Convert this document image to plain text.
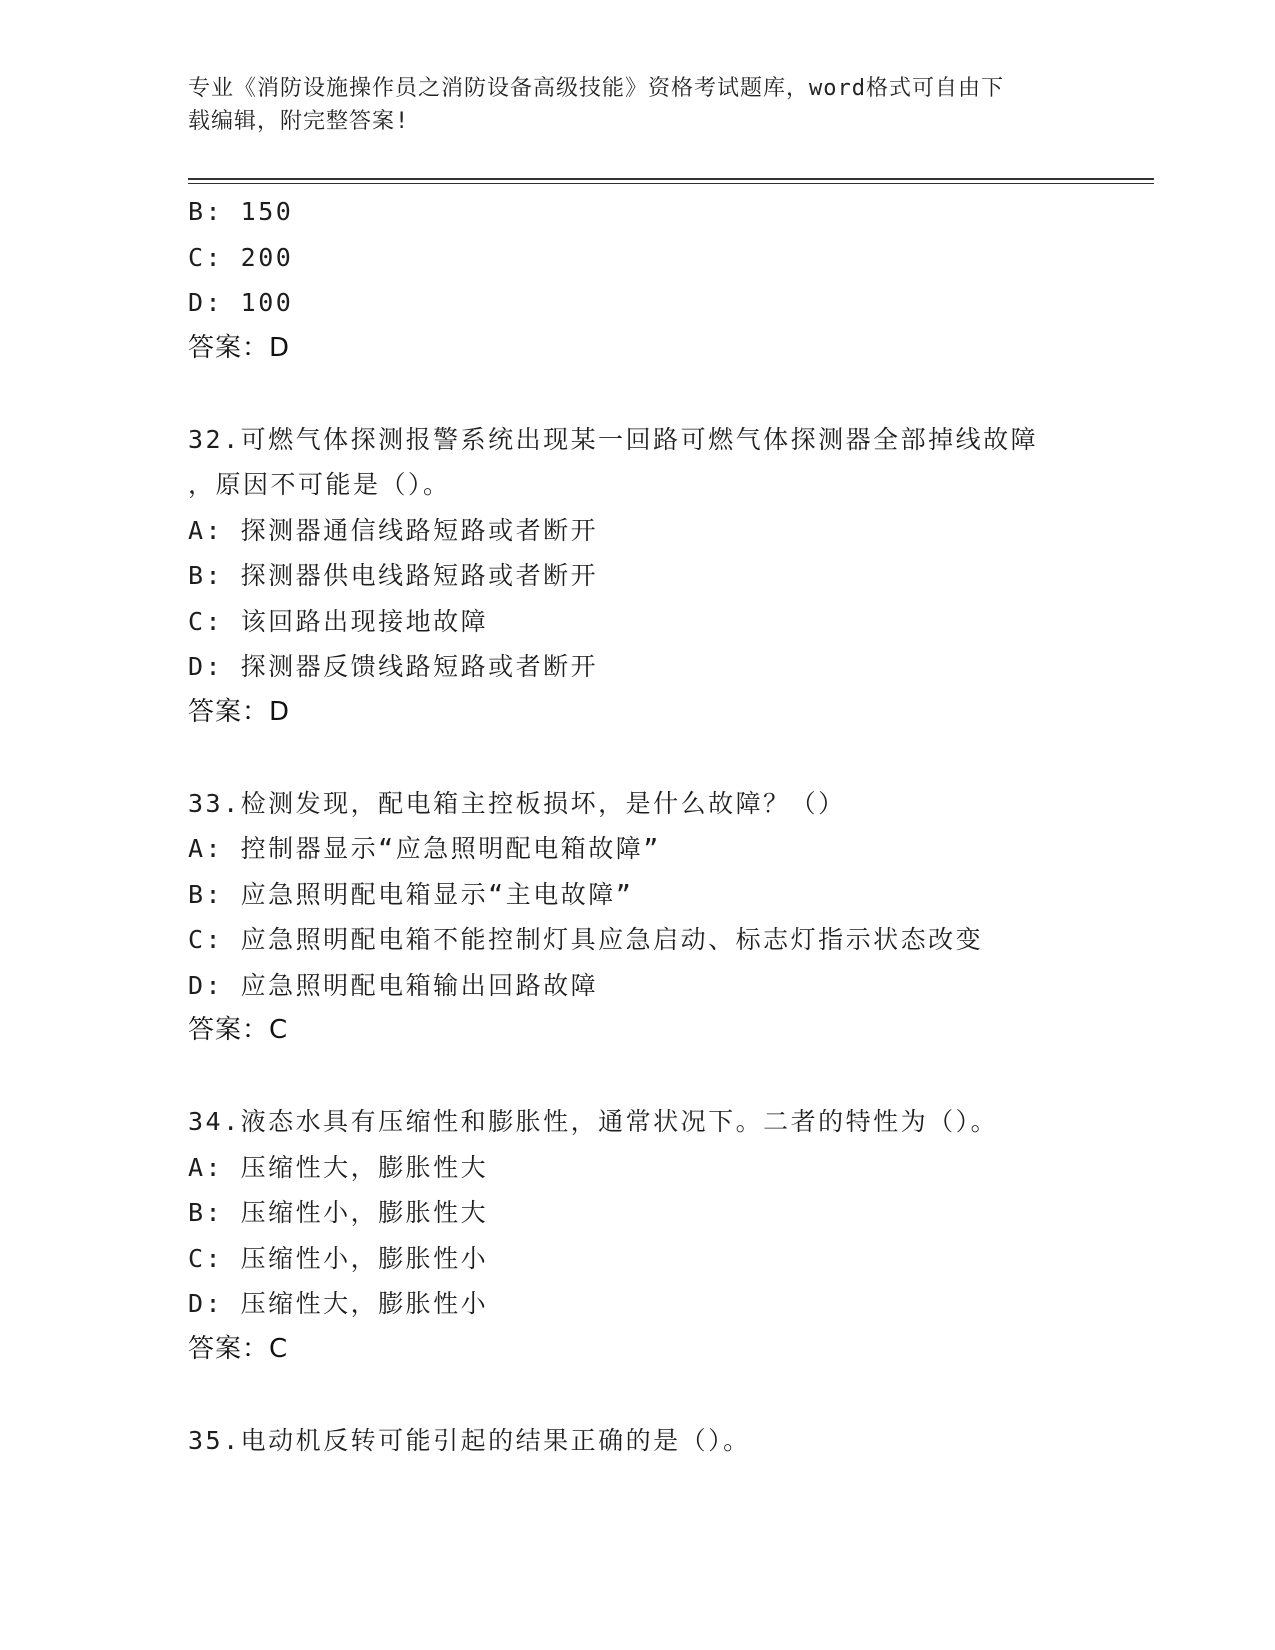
专业《消防设施操作员之消防设备高级技能》资格考试题库，word格式可自由下
载编辑，附完整答案!
B: 150
C: 200
D: 100
答案：D
32.可燃气体探测报警系统出现某一回路可燃气体探测器全部掉线故障
，原因不可能是（）。
A: 探测器通信线路短路或者断开
B: 探测器供电线路短路或者断开
C: 该回路出现接地故障
D: 探测器反馈线路短路或者断开
答案：D
33.检测发现，配电箱主控板损坏，是什么故障？（）
A: 控制器显示“应急照明配电箱故障”
B: 应急照明配电箱显示“主电故障”
C: 应急照明配电箱不能控制灯具应急启动、标志灯指示状态改变
D: 应急照明配电箱输出回路故障
答案：C
34.液态水具有压缩性和膨胀性，通常状况下。二者的特性为（）。
A: 压缩性大，膨胀性大
B: 压缩性小，膨胀性大
C: 压缩性小，膨胀性小
D: 压缩性大，膨胀性小
答案：C
35.电动机反转可能引起的结果正确的是（）。
